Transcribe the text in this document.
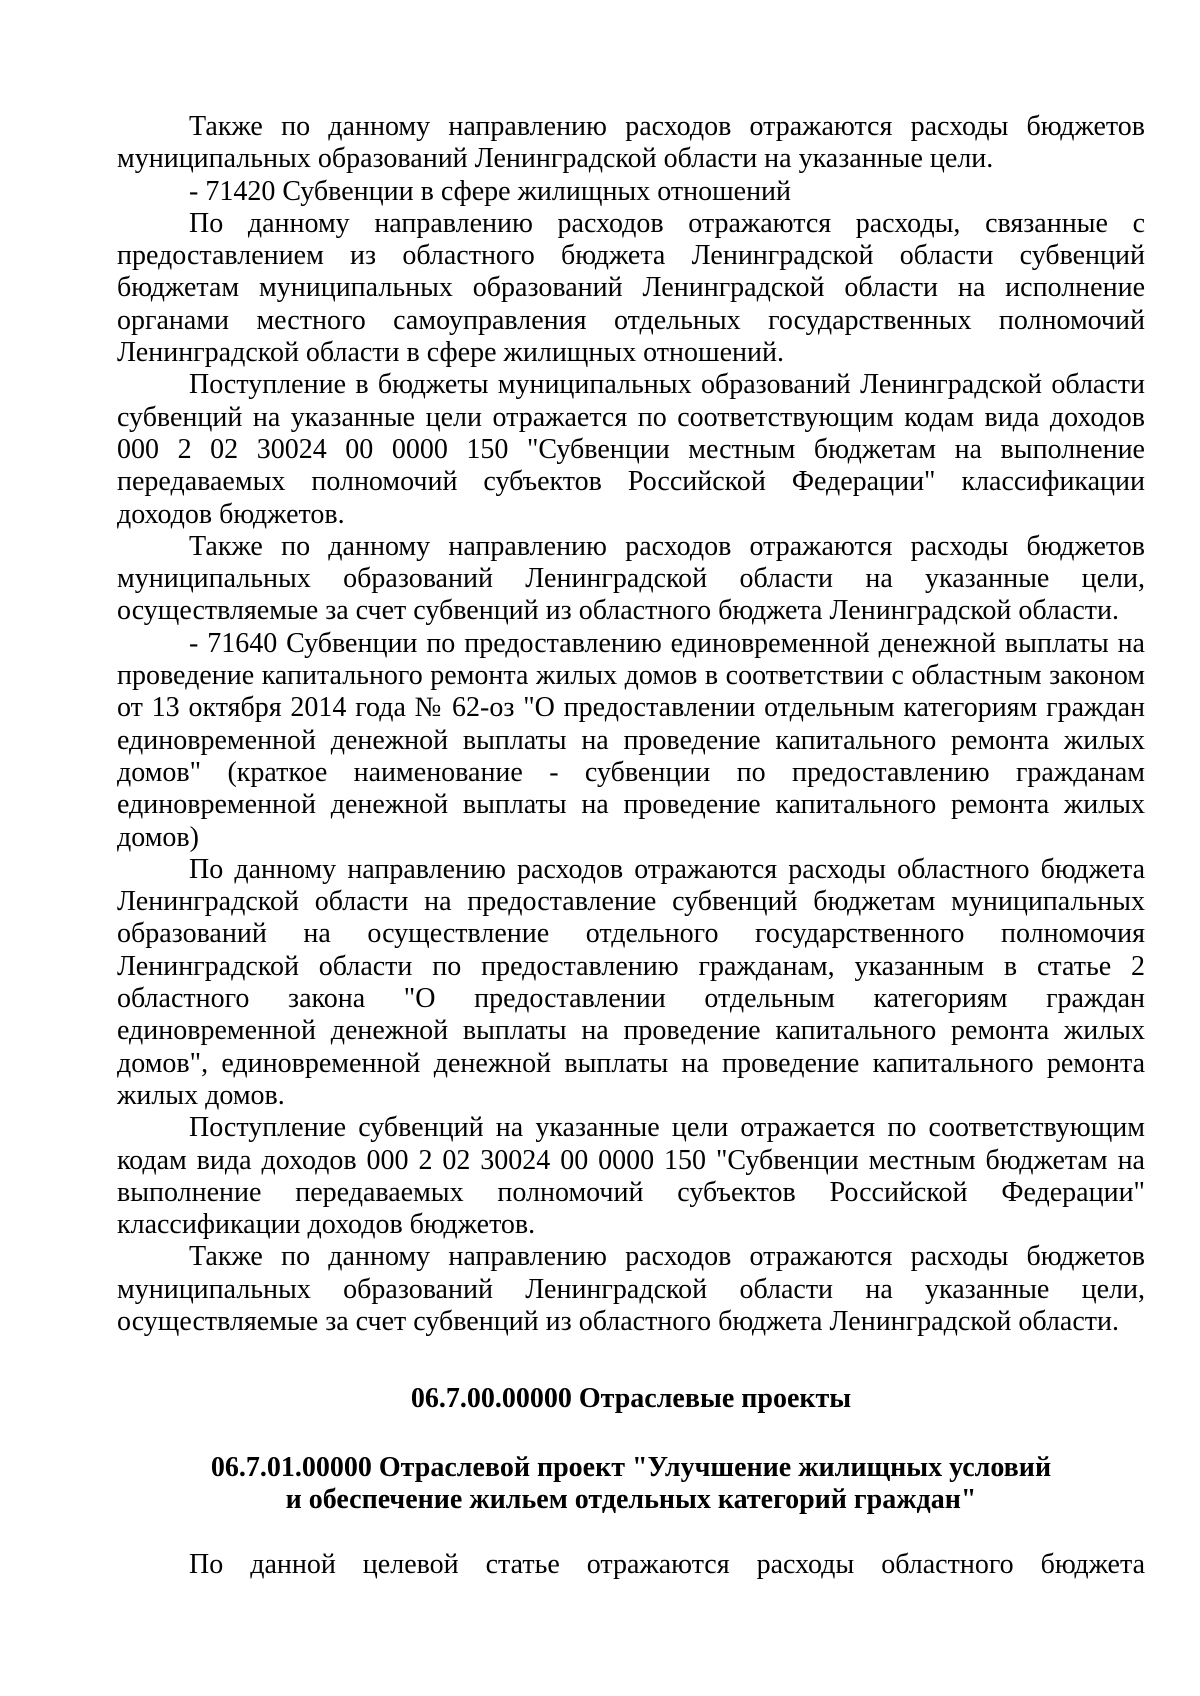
Также по данному направлению расходов отражаются расходы бюджетов муниципальных образований Ленинградской области на указанные цели.

- 71420 Субвенции в сфере жилищных отношений

По данному направлению расходов отражаются расходы, связанные с предоставлением из областного бюджета Ленинградской области субвенций бюджетам муниципальных образований Ленинградской области на исполнение органами местного самоуправления отдельных государственных полномочий Ленинградской области в сфере жилищных отношений.

Поступление в бюджеты муниципальных образований Ленинградской области субвенций на указанные цели отражается по соответствующим кодам вида доходов 000 2 02 30024 00 0000 150 "Субвенции местным бюджетам на выполнение передаваемых полномочий субъектов Российской Федерации" классификации доходов бюджетов.

Также по данному направлению расходов отражаются расходы бюджетов муниципальных образований Ленинградской области на указанные цели, осуществляемые за счет субвенций из областного бюджета Ленинградской области.

- 71640 Субвенции по предоставлению единовременной денежной выплаты на проведение капитального ремонта жилых домов в соответствии с областным законом от 13 октября 2014 года № 62-оз "О предоставлении отдельным категориям граждан единовременной денежной выплаты на проведение капитального ремонта жилых домов" (краткое наименование - субвенции по предоставлению гражданам единовременной денежной выплаты на проведение капитального ремонта жилых домов)

По данному направлению расходов отражаются расходы областного бюджета Ленинградской области на предоставление субвенций бюджетам муниципальных образований на осуществление отдельного государственного полномочия Ленинградской области по предоставлению гражданам, указанным в статье 2 областного закона "О предоставлении отдельным категориям граждан единовременной денежной выплаты на проведение капитального ремонта жилых домов", единовременной денежной выплаты на проведение капитального ремонта жилых домов.

Поступление субвенций на указанные цели отражается по соответствующим кодам вида доходов 000 2 02 30024 00 0000 150 "Субвенции местным бюджетам на выполнение передаваемых полномочий субъектов Российской Федерации" классификации доходов бюджетов.

Также по данному направлению расходов отражаются расходы бюджетов муниципальных образований Ленинградской области на указанные цели, осуществляемые за счет субвенций из областного бюджета Ленинградской области.

06.7.00.00000 Отраслевые проекты
06.7.01.00000 Отраслевой проект "Улучшение жилищных условий
и обеспечение жильем отдельных категорий граждан"

По данной целевой статье отражаются расходы областного бюджета
